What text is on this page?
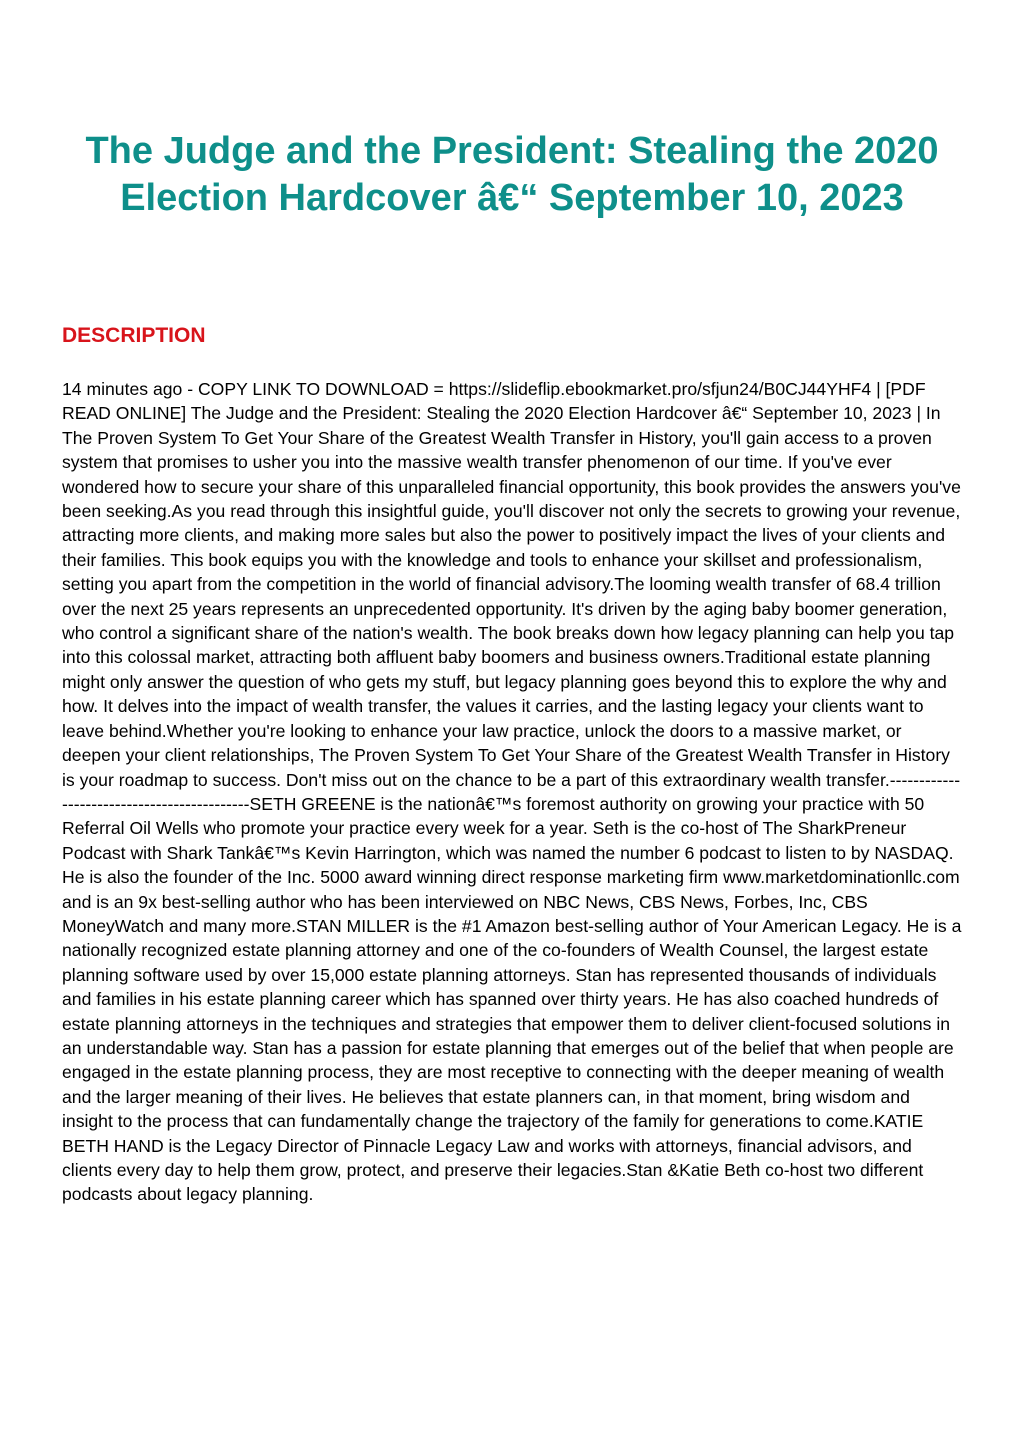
The Judge and the President: Stealing the 2020 Election Hardcover â€“ September 10, 2023
DESCRIPTION

14 minutes ago - COPY LINK TO DOWNLOAD = https://slideflip.ebookmarket.pro/sfjun24/B0CJ44YHF4 | [PDF READ ONLINE] The Judge and the President: Stealing the 2020 Election Hardcover â€“ September 10, 2023 | In The Proven System To Get Your Share of the Greatest Wealth Transfer in History, you'll gain access to a proven system that promises to usher you into the massive wealth transfer phenomenon of our time. If you've ever wondered how to secure your share of this unparalleled financial opportunity, this book provides the answers you've been seeking.As you read through this insightful guide, you'll discover not only the secrets to growing your revenue, attracting more clients, and making more sales but also the power to positively impact the lives of your clients and their families. This book equips you with the knowledge and tools to enhance your skillset and professionalism, setting you apart from the competition in the world of financial advisory.The looming wealth transfer of 68.4 trillion over the next 25 years represents an unprecedented opportunity. It's driven by the aging baby boomer generation, who control a significant share of the nation's wealth. The book breaks down how legacy planning can help you tap into this colossal market, attracting both affluent baby boomers and business owners.Traditional estate planning might only answer the question of who gets my stuff, but legacy planning goes beyond this to explore the why and how. It delves into the impact of wealth transfer, the values it carries, and the lasting legacy your clients want to leave behind.Whether you're looking to enhance your law practice, unlock the doors to a massive market, or deepen your client relationships, The Proven System To Get Your Share of the Greatest Wealth Transfer in History is your roadmap to success. Don't miss out on the chance to be a part of this extraordinary wealth transfer.--------------------------------------------SETH GREENE is the nationâ€™s foremost authority on growing your practice with 50 Referral Oil Wells who promote your practice every week for a year. Seth is the co-host of The SharkPreneur Podcast with Shark Tankâ€™s Kevin Harrington, which was named the number 6 podcast to listen to by NASDAQ. He is also the founder of the Inc. 5000 award winning direct response marketing firm www.marketdominationllc.com and is an 9x best-selling author who has been interviewed on NBC News, CBS News, Forbes, Inc, CBS MoneyWatch and many more.STAN MILLER is the #1 Amazon best-selling author of Your American Legacy. He is a nationally recognized estate planning attorney and one of the co-founders of Wealth Counsel, the largest estate planning software used by over 15,000 estate planning attorneys. Stan has represented thousands of individuals and families in his estate planning career which has spanned over thirty years. He has also coached hundreds of estate planning attorneys in the techniques and strategies that empower them to deliver client-focused solutions in an understandable way. Stan has a passion for estate planning that emerges out of the belief that when people are engaged in the estate planning process, they are most receptive to connecting with the deeper meaning of wealth and the larger meaning of their lives. He believes that estate planners can, in that moment, bring wisdom and insight to the process that can fundamentally change the trajectory of the family for generations to come.KATIE BETH HAND is the Legacy Director of Pinnacle Legacy Law and works with attorneys, financial advisors, and clients every day to help them grow, protect, and preserve their legacies.Stan &Katie Beth co-host two different podcasts about legacy planning.
